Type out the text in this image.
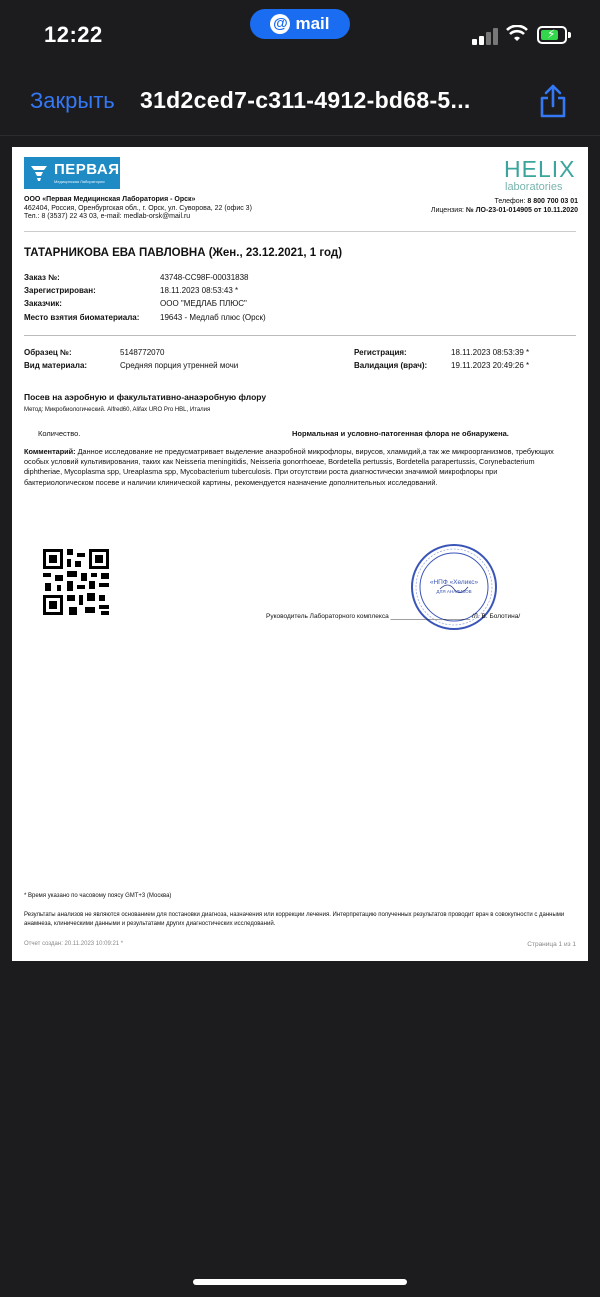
12:22	@ mail
⚡
Закрыть 31d2ced7-c311-4912-bd68-5...
ПЕРВАЯ
Медицинская Лаборатория	HELIX
laboratories
ООО «Первая Медицинская Лаборатория - Орск»
462404, Россия, Оренбургская обл., г. Орск, ул. Суворова, 22 (офис 3)
Тел.: 8 (3537) 22 43 03, e-mail: medlab-orsk@mail.ru
Телефон: 8 800 700 03 01
Лицензия: № ЛО-23-01-014905 от 10.11.2020
ТАТАРНИКОВА ЕВА ПАВЛОВНА (Жен., 23.12.2021, 1 год)
Заказ №:	43748-CC98F-00031838
Зарегистрирован:	18.11.2023 08:53:43 *
Заказчик:	ООО "МЕДЛАБ ПЛЮС"
Место взятия биоматериала:	19643 - Медлаб плюс (Орск)
Образец №:	5148772070
Вид материала:	Средняя порция утренней мочи
Регистрация:	18.11.2023 08:53:39 *
Валидация (врач):	19.11.2023 20:49:26 *
Посев на аэробную и факультативно-анаэробную флору
Метод: Микробиологический. Alfred60, Alifax URO Pro HBL, Италия
Количество.	Нормальная и условно-патогенная флора не обнаружена.
Комментарий: Данное исследование не предусматривает выделение анаэробной микрофлоры, вирусов, хламидий,а так же микроорганизмов, требующих особых условий культивирования, таких как Neisseria meningitidis, Neisseria gonorrhoeae, Bordetella pertussis, Bordetella parapertussis, Corynebacterium diphtheriae, Mycoplasma spp, Ureaplasma spp, Mycobacterium tuberculosis. При отсутствии роста диагностически значимой микрофлоры при бактериологическом посеве и наличии клинической картины, рекомендуется назначение дополнительных исследований.
«НПФ «Хеликс»
ДЛЯ АНАЛИЗОВ
Руководитель Лабораторного комплекса ______________________ /Л. В. Болотина/
* Время указано по часовому поясу GMT+3 (Москва)
Результаты анализов не являются основанием для постановки диагноза, назначения или коррекции лечения. Интерпретацию полученных результатов проводит врач в совокупности с данными анамнеза, клиническими данными и результатами других диагностических исследований.
Отчет создан: 20.11.2023 10:09:21 *	Страница 1 из 1
